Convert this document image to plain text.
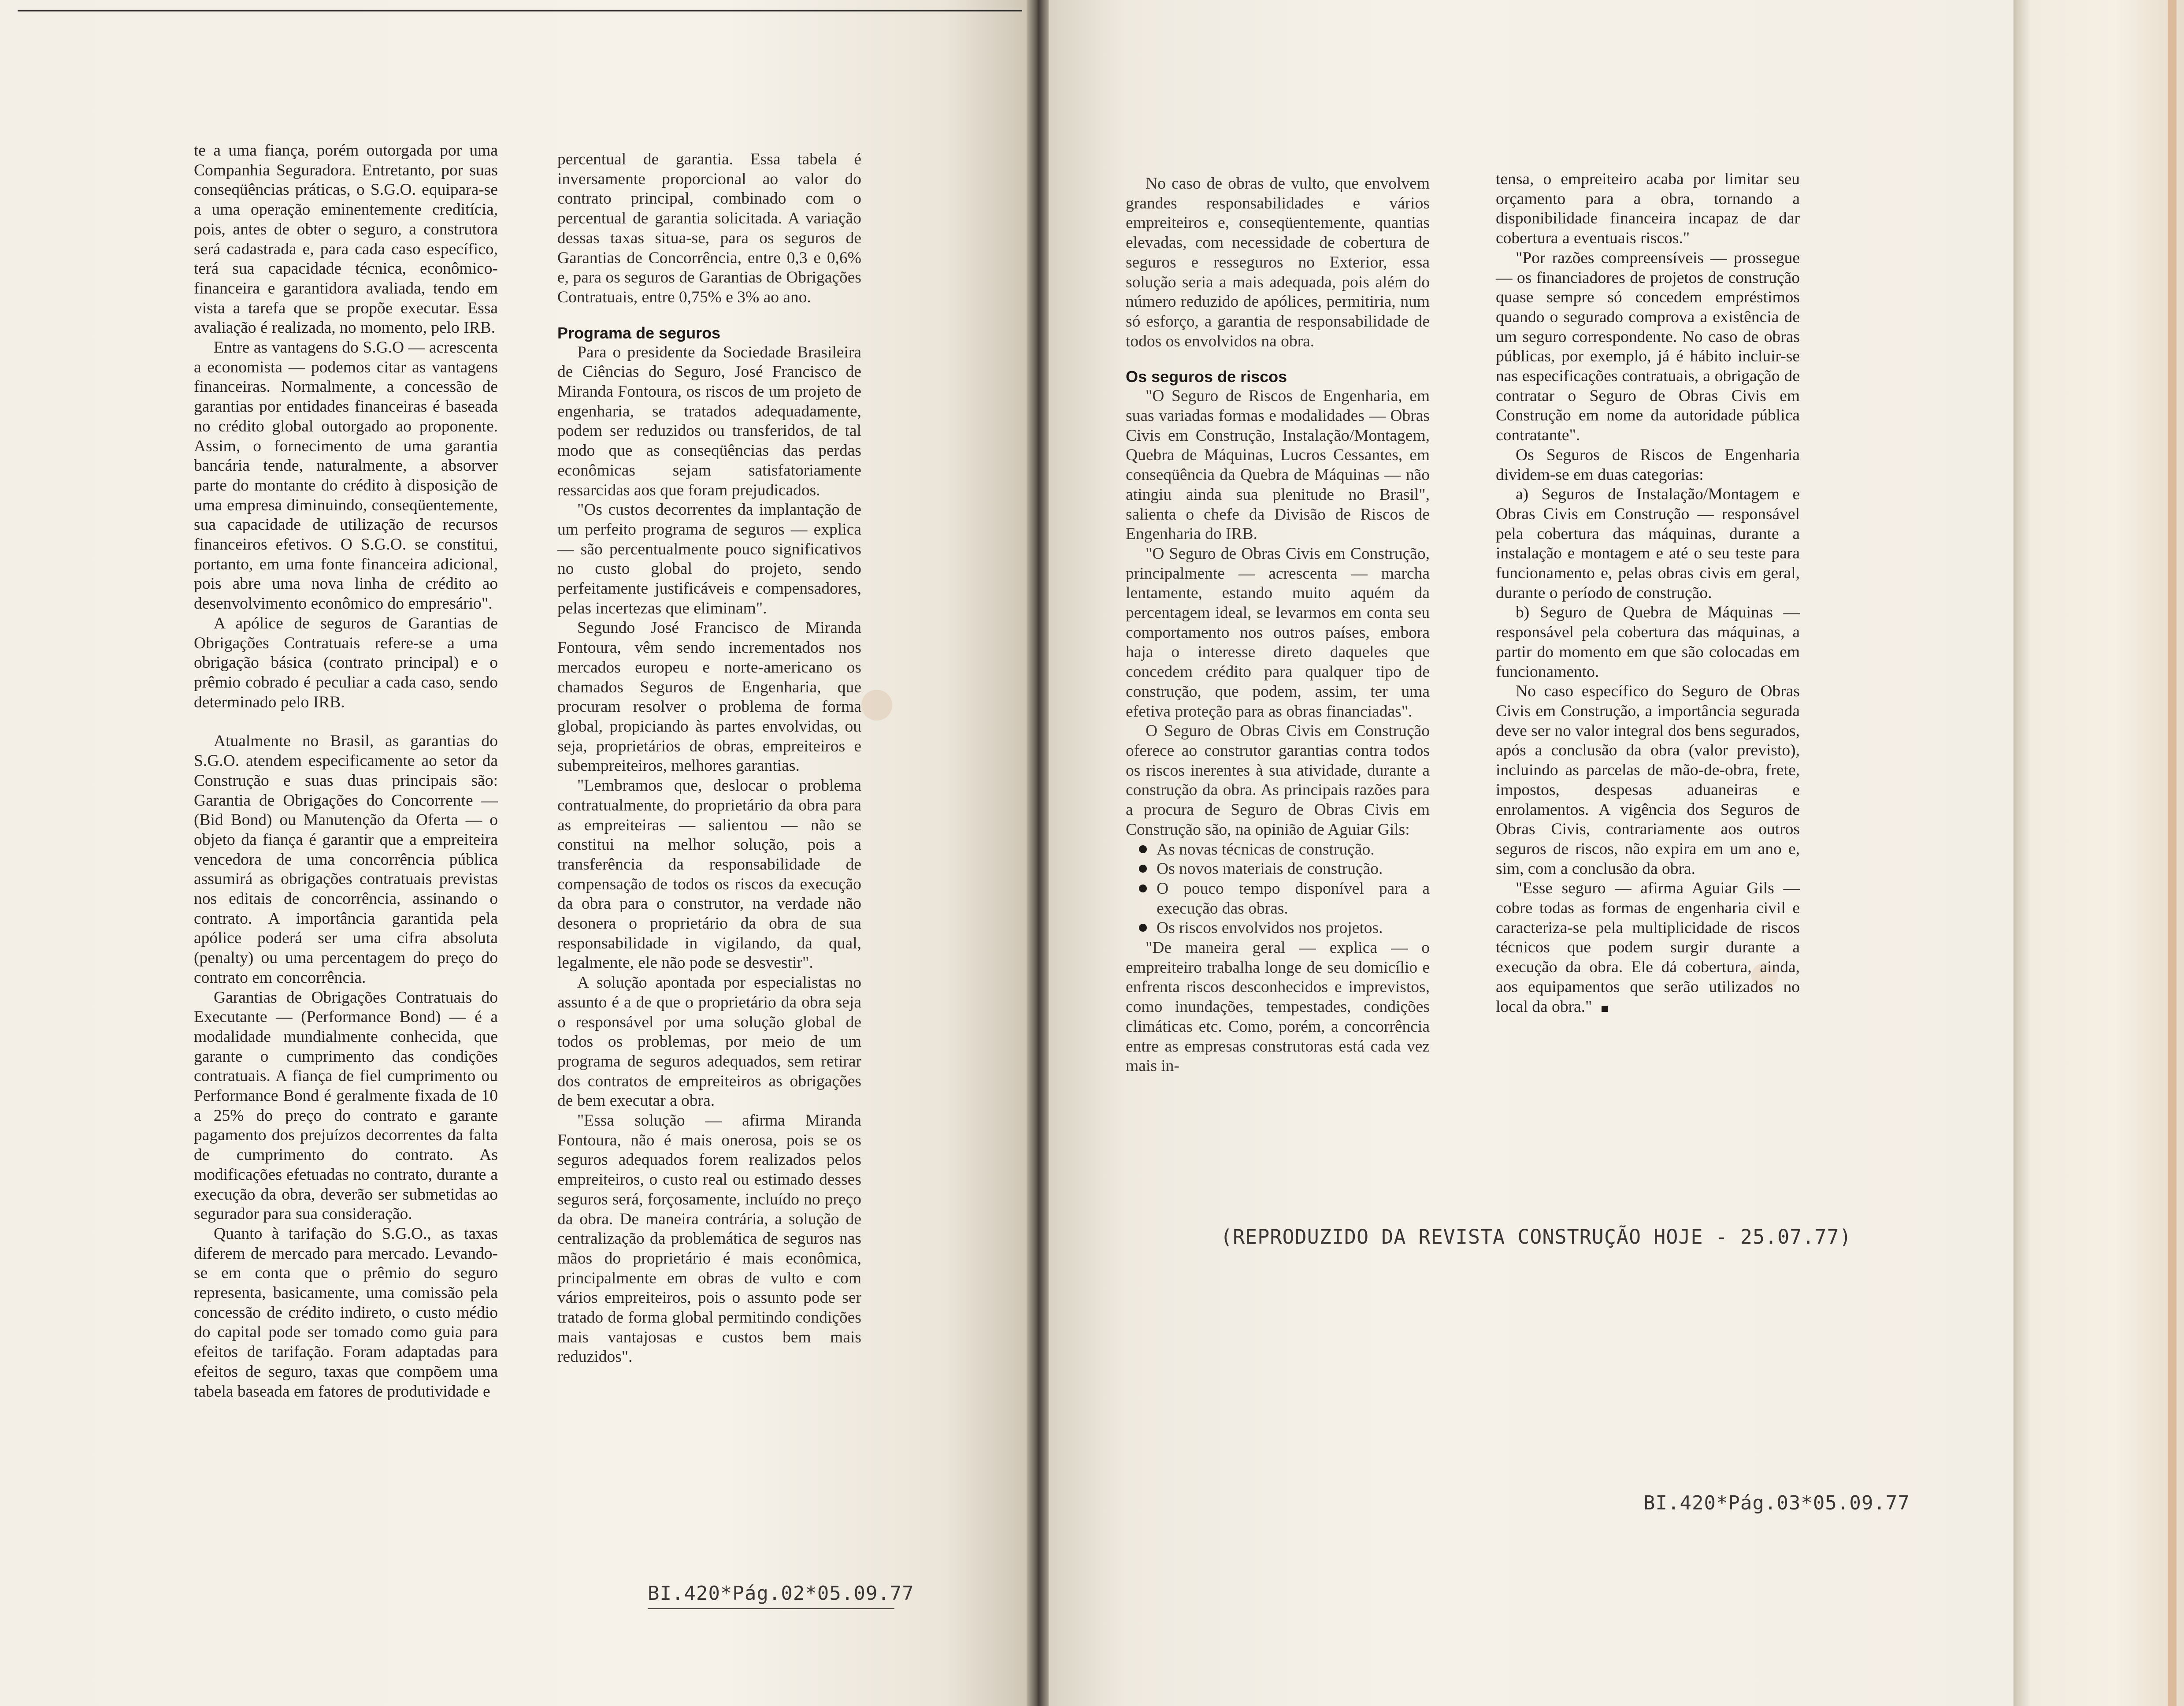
te a uma fiança, porém outorgada por uma Companhia Seguradora. Entretanto, por suas conseqüências práticas, o S.G.O. equipara-se a uma operação eminentemente creditícia, pois, antes de obter o seguro, a construtora será cadastrada e, para cada caso específico, terá sua capacidade técnica, econômico-financeira e garantidora avaliada, tendo em vista a tarefa que se propõe executar. Essa avaliação é realizada, no momento, pelo IRB.

Entre as vantagens do S.G.O — acrescenta a economista — podemos citar as vantagens financeiras. Normalmente, a concessão de garantias por entidades financeiras é baseada no crédito global outorgado ao proponente. Assim, o fornecimento de uma garantia bancária tende, naturalmente, a absorver parte do montante do crédito à disposição de uma empresa diminuindo, conseqüentemente, sua capacidade de utilização de recursos financeiros efetivos. O S.G.O. se constitui, portanto, em uma fonte financeira adicional, pois abre uma nova linha de crédito ao desenvolvimento econômico do empresário".

A apólice de seguros de Garantias de Obrigações Contratuais refere-se a uma obrigação básica (contrato principal) e o prêmio cobrado é peculiar a cada caso, sendo determinado pelo IRB.

Atualmente no Brasil, as garantias do S.G.O. atendem especificamente ao setor da Construção e suas duas principais são: Garantia de Obrigações do Concorrente — (Bid Bond) ou Manutenção da Oferta — o objeto da fiança é garantir que a empreiteira vencedora de uma concorrência pública assumirá as obrigações contratuais previstas nos editais de concorrência, assinando o contrato. A importância garantida pela apólice poderá ser uma cifra absoluta (penalty) ou uma percentagem do preço do contrato em concorrência.

Garantias de Obrigações Contratuais do Executante — (Performance Bond) — é a modalidade mundialmente conhecida, que garante o cumprimento das condições contratuais. A fiança de fiel cumprimento ou Performance Bond é geralmente fixada de 10 a 25% do preço do contrato e garante pagamento dos prejuízos decorrentes da falta de cumprimento do contrato. As modificações efetuadas no contrato, durante a execução da obra, deverão ser submetidas ao segurador para sua consideração.

Quanto à tarifação do S.G.O., as taxas diferem de mercado para mercado. Levando-se em conta que o prêmio do seguro representa, basicamente, uma comissão pela concessão de crédito indireto, o custo médio do capital pode ser tomado como guia para efeitos de tarifação. Foram adaptadas para efeitos de seguro, taxas que compõem uma tabela baseada em fatores de produtividade e

percentual de garantia. Essa tabela é inversamente proporcional ao valor do contrato principal, combinado com o percentual de garantia solicitada. A variação dessas taxas situa-se, para os seguros de Garantias de Concorrência, entre 0,3 e 0,6% e, para os seguros de Garantias de Obrigações Contratuais, entre 0,75% e 3% ao ano.

Programa de seguros

Para o presidente da Sociedade Brasileira de Ciências do Seguro, José Francisco de Miranda Fontoura, os riscos de um projeto de engenharia, se tratados adequadamente, podem ser reduzidos ou transferidos, de tal modo que as conseqüências das perdas econômicas sejam satisfatoriamente ressarcidas aos que foram prejudicados.

"Os custos decorrentes da implantação de um perfeito programa de seguros — explica — são percentualmente pouco significativos no custo global do projeto, sendo perfeitamente justificáveis e compensadores, pelas incertezas que eliminam".

Segundo José Francisco de Miranda Fontoura, vêm sendo incrementados nos mercados europeu e norte-americano os chamados Seguros de Engenharia, que procuram resolver o problema de forma global, propiciando às partes envolvidas, ou seja, proprietários de obras, empreiteiros e subempreiteiros, melhores garantias.

"Lembramos que, deslocar o problema contratualmente, do proprietário da obra para as empreiteiras — salientou — não se constitui na melhor solução, pois a transferência da responsabilidade de compensação de todos os riscos da execução da obra para o construtor, na verdade não desonera o proprietário da obra de sua responsabilidade in vigilando, da qual, legalmente, ele não pode se desvestir".

A solução apontada por especialistas no assunto é a de que o proprietário da obra seja o responsável por uma solução global de todos os problemas, por meio de um programa de seguros adequados, sem retirar dos contratos de empreiteiros as obrigações de bem executar a obra.

"Essa solução — afirma Miranda Fontoura, não é mais onerosa, pois se os seguros adequados forem realizados pelos empreiteiros, o custo real ou estimado desses seguros será, forçosamente, incluído no preço da obra. De maneira contrária, a solução de centralização da problemática de seguros nas mãos do proprietário é mais econômica, principalmente em obras de vulto e com vários empreiteiros, pois o assunto pode ser tratado de forma global permitindo condições mais vantajosas e custos bem mais reduzidos".

No caso de obras de vulto, que envolvem grandes responsabilidades e vários empreiteiros e, conseqüentemente, quantias elevadas, com necessidade de cobertura de seguros e resseguros no Exterior, essa solução seria a mais adequada, pois além do número reduzido de apólices, permitiria, num só esforço, a garantia de responsabilidade de todos os envolvidos na obra.

Os seguros de riscos

"O Seguro de Riscos de Engenharia, em suas variadas formas e modalidades — Obras Civis em Construção, Instalação/Montagem, Quebra de Máquinas, Lucros Cessantes, em conseqüência da Quebra de Máquinas — não atingiu ainda sua plenitude no Brasil", salienta o chefe da Divisão de Riscos de Engenharia do IRB.

"O Seguro de Obras Civis em Construção, principalmente — acrescenta — marcha lentamente, estando muito aquém da percentagem ideal, se levarmos em conta seu comportamento nos outros países, embora haja o interesse direto daqueles que concedem crédito para qualquer tipo de construção, que podem, assim, ter uma efetiva proteção para as obras financiadas".

O Seguro de Obras Civis em Construção oferece ao construtor garantias contra todos os riscos inerentes à sua atividade, durante a construção da obra. As principais razões para a procura de Seguro de Obras Civis em Construção são, na opinião de Aguiar Gils:

As novas técnicas de construção.
Os novos materiais de construção.
O pouco tempo disponível para a execução das obras.
Os riscos envolvidos nos projetos.

"De maneira geral — explica — o empreiteiro trabalha longe de seu domicílio e enfrenta riscos desconhecidos e imprevistos, como inundações, tempestades, condições climáticas etc. Como, porém, a concorrência entre as empresas construtoras está cada vez mais in-

tensa, o empreiteiro acaba por limitar seu orçamento para a obra, tornando a disponibilidade financeira incapaz de dar cobertura a eventuais riscos."

"Por razões compreensíveis — prossegue — os financiadores de projetos de construção quase sempre só concedem empréstimos quando o segurado comprova a existência de um seguro correspondente. No caso de obras públicas, por exemplo, já é hábito incluir-se nas especificações contratuais, a obrigação de contratar o Seguro de Obras Civis em Construção em nome da autoridade pública contratante".

Os Seguros de Riscos de Engenharia dividem-se em duas categorias:

a) Seguros de Instalação/Montagem e Obras Civis em Construção — responsável pela cobertura das máquinas, durante a instalação e montagem e até o seu teste para funcionamento e, pelas obras civis em geral, durante o período de construção.

b) Seguro de Quebra de Máquinas — responsável pela cobertura das máquinas, a partir do momento em que são colocadas em funcionamento.

No caso específico do Seguro de Obras Civis em Construção, a importância segurada deve ser no valor integral dos bens segurados, após a conclusão da obra (valor previsto), incluindo as parcelas de mão-de-obra, frete, impostos, despesas aduaneiras e enrolamentos. A vigência dos Seguros de Obras Civis, contrariamente aos outros seguros de riscos, não expira em um ano e, sim, com a conclusão da obra.

"Esse seguro — afirma Aguiar Gils — cobre todas as formas de engenharia civil e caracteriza-se pela multiplicidade de riscos técnicos que podem surgir durante a execução da obra. Ele dá cobertura, ainda, aos equipamentos que serão utilizados no local da obra."

BI.420*Pág.02*05.09.77
(REPRODUZIDO DA REVISTA CONSTRUÇÃO HOJE - 25.07.77)
BI.420*Pág.03*05.09.77
